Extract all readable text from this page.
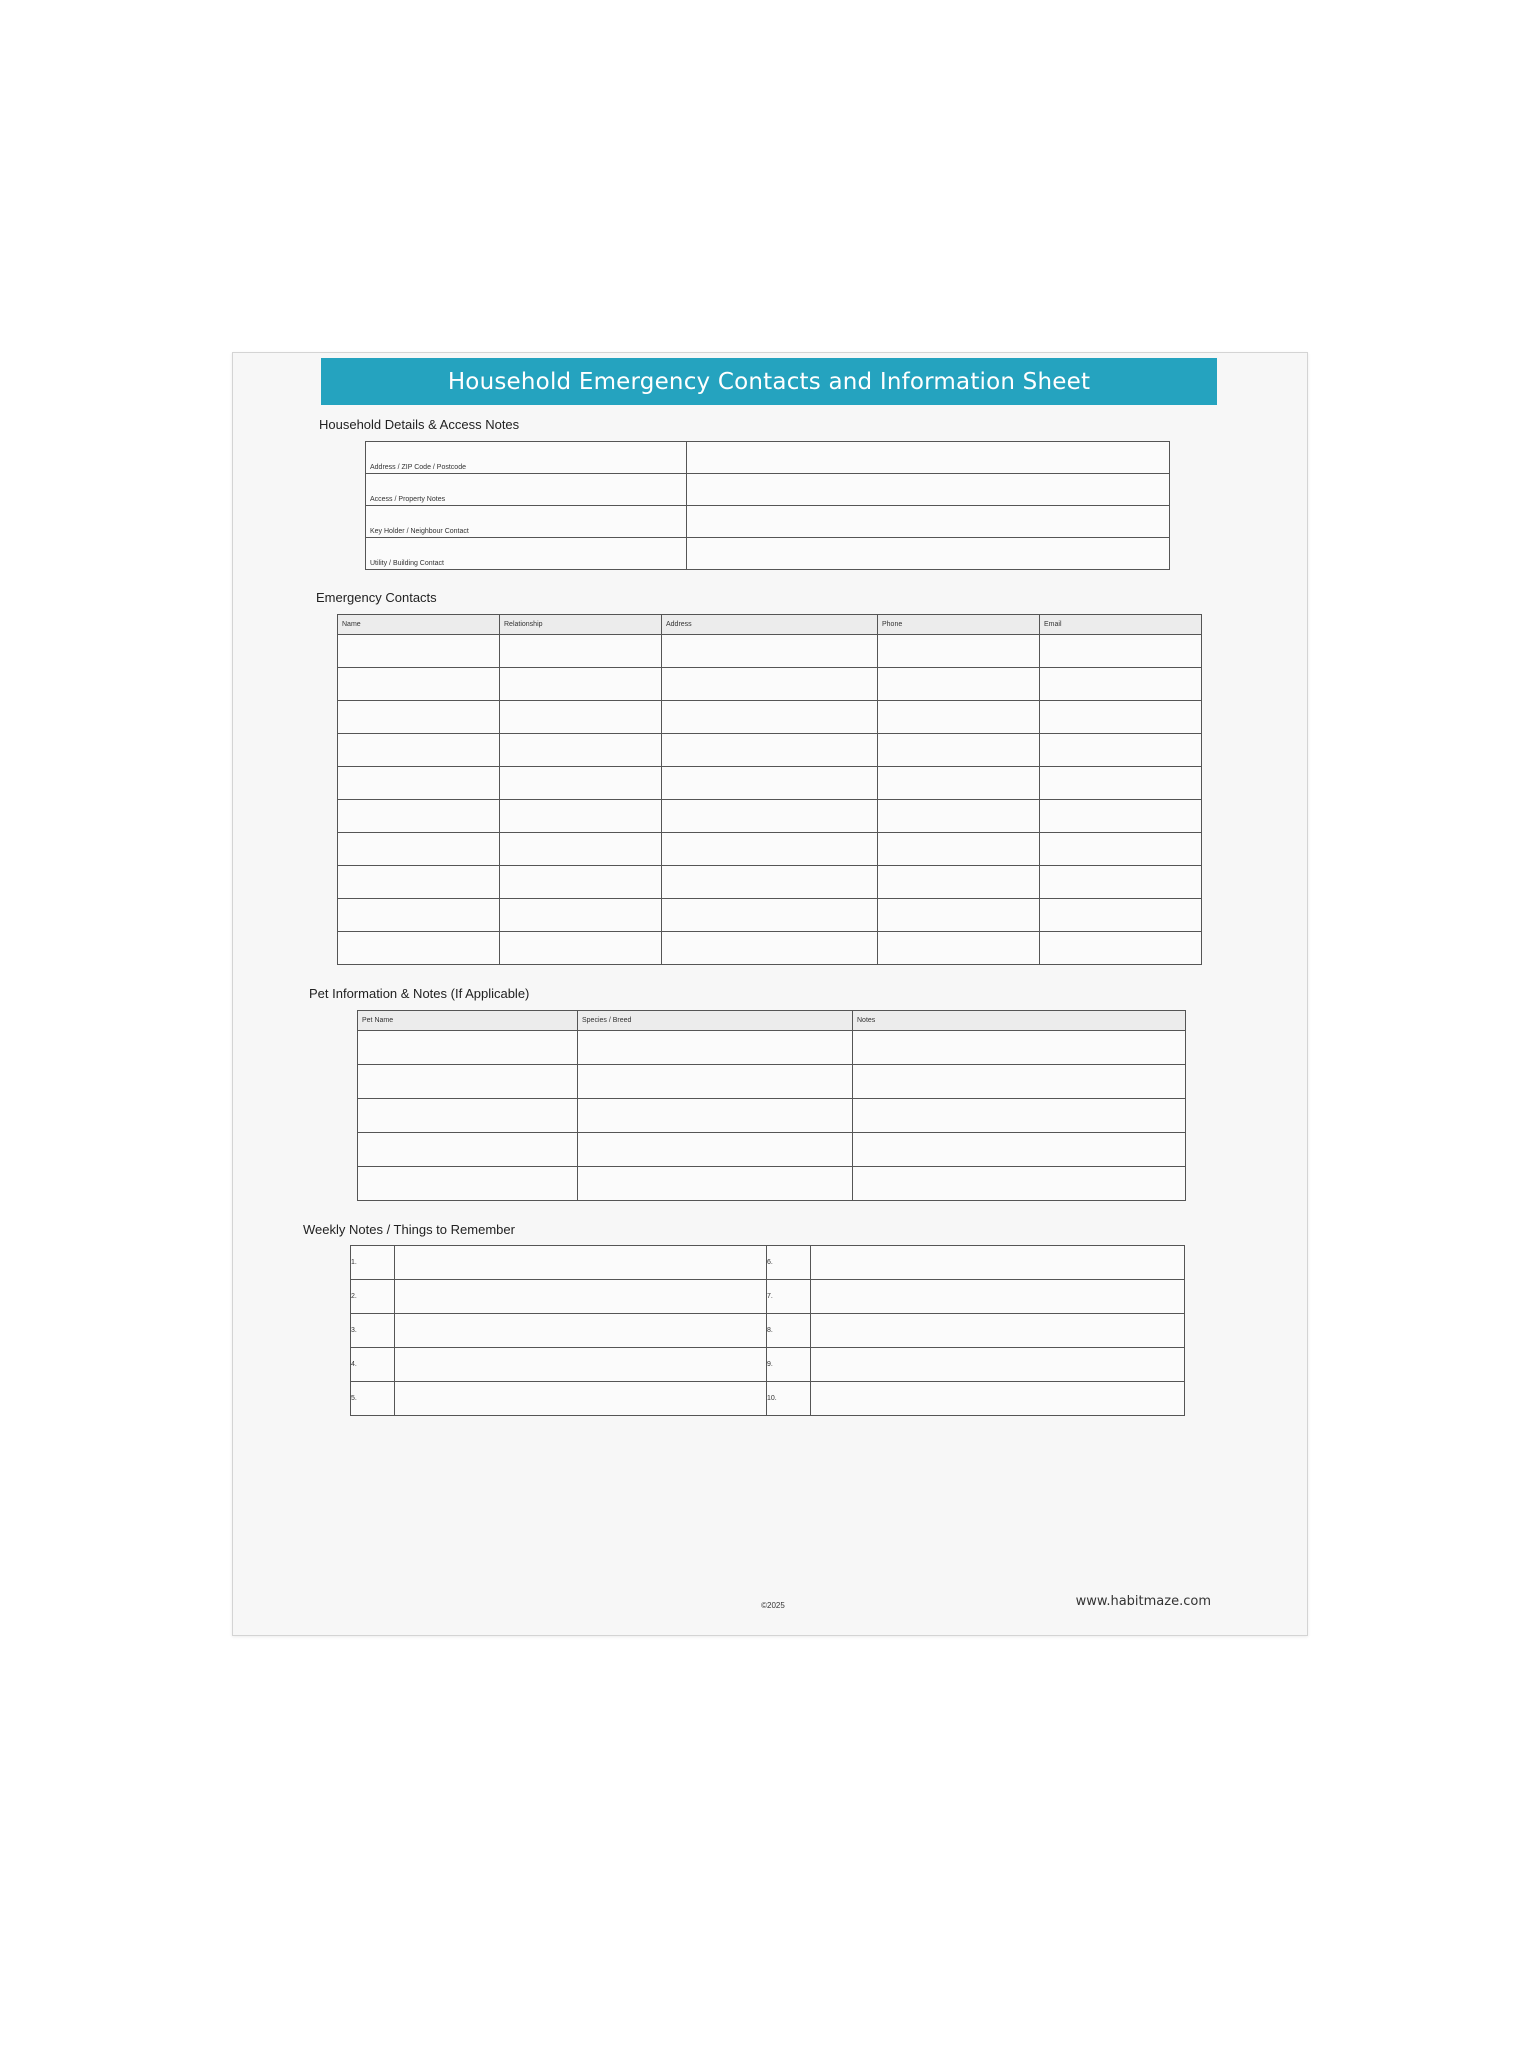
Household Emergency Contacts and Information Sheet
Household Details & Access Notes
Address / ZIP Code / Postcode	

Access / Property Notes	

Key Holder / Neighbour Contact	

Utility / Building Contact	

Emergency Contacts
Name	Relationship	Address	Phone	Email

Pet Information & Notes (If Applicable)
Pet Name	Species / Breed	Notes

Weekly Notes / Things to Remember
1.		6.	
2.		7.	
3.		8.	
4.		9.	
5.		10.	
©2025	www.habitmaze.com
